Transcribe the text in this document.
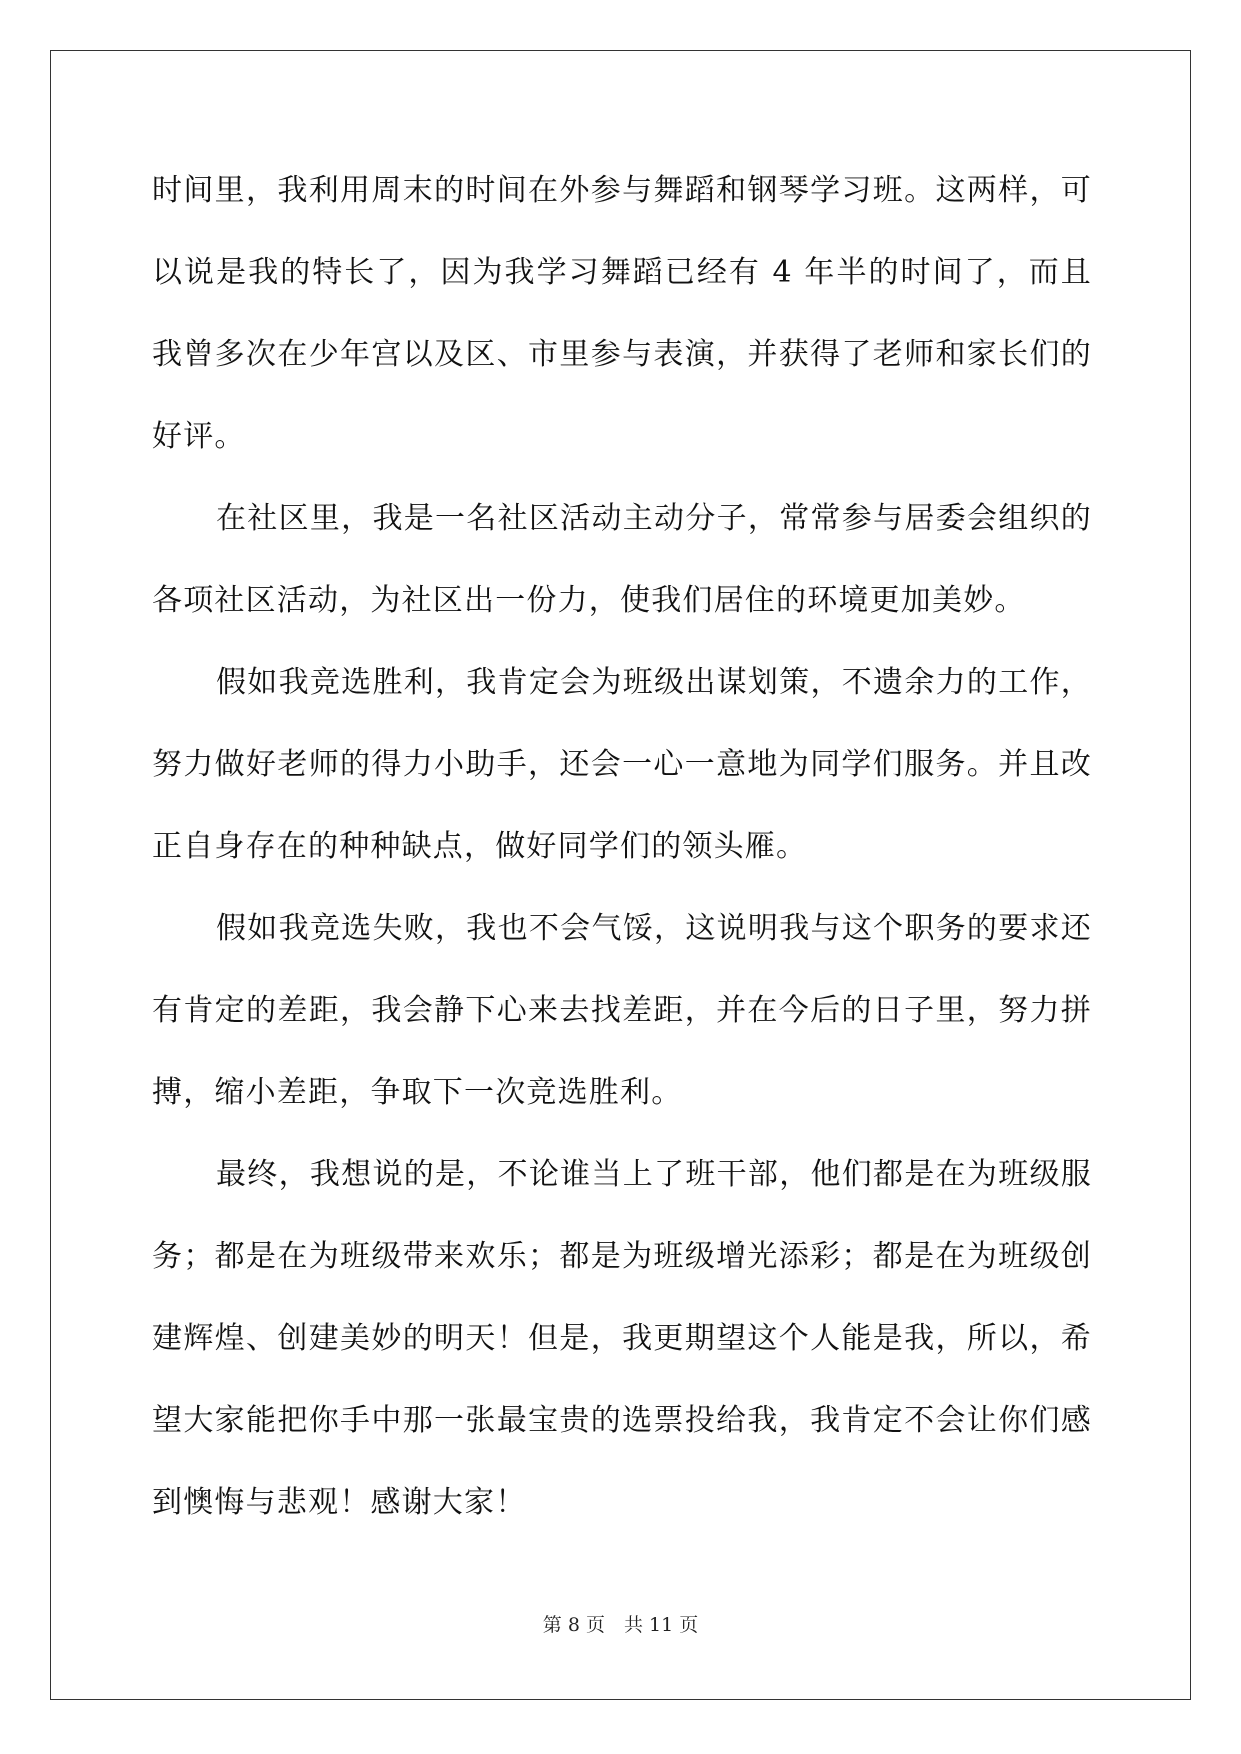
时间里，我利用周末的时间在外参与舞蹈和钢琴学习班。这两样，可以说是我的特长了，因为我学习舞蹈已经有 4 年半的时间了，而且我曾多次在少年宫以及区、市里参与表演，并获得了老师和家长们的好评。

在社区里，我是一名社区活动主动分子，常常参与居委会组织的各项社区活动，为社区出一份力，使我们居住的环境更加美妙。

假如我竞选胜利，我肯定会为班级出谋划策，不遗余力的工作，努力做好老师的得力小助手，还会一心一意地为同学们服务。并且改正自身存在的种种缺点，做好同学们的领头雁。

假如我竞选失败，我也不会气馁，这说明我与这个职务的要求还有肯定的差距，我会静下心来去找差距，并在今后的日子里，努力拼搏，缩小差距，争取下一次竞选胜利。

最终，我想说的是，不论谁当上了班干部，他们都是在为班级服务；都是在为班级带来欢乐；都是为班级增光添彩；都是在为班级创建辉煌、创建美妙的明天！但是，我更期望这个人能是我，所以，希望大家能把你手中那一张最宝贵的选票投给我，我肯定不会让你们感到懊悔与悲观！感谢大家！

第 8 页　共 11 页
